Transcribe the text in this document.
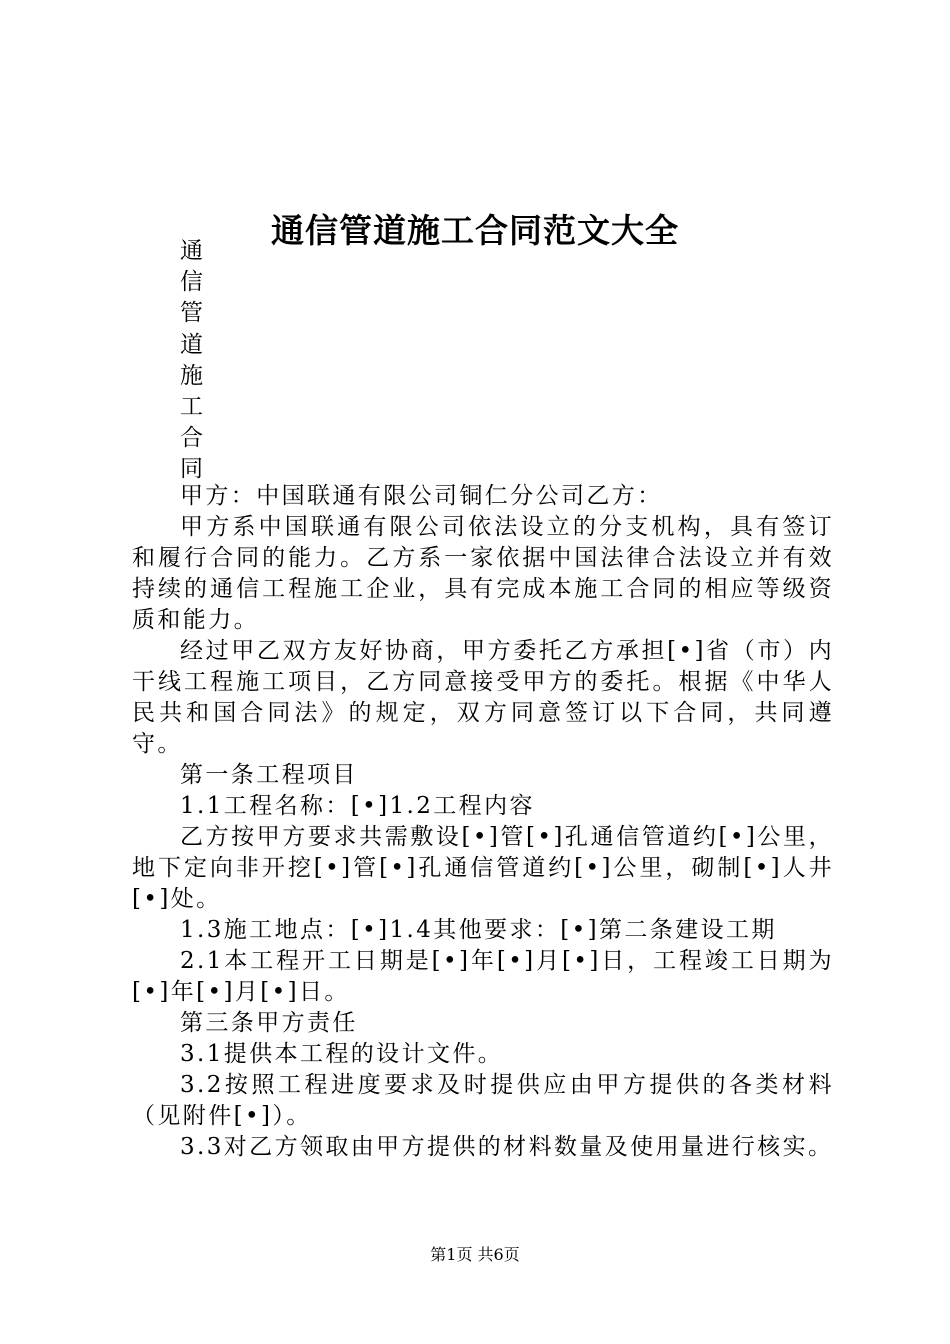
通信管道施工合同范文大全
通
信
管
道
施
工
合
同

甲方：中国联通有限公司铜仁分公司乙方：

甲方系中国联通有限公司依法设立的分支机构，具有签订和履行合同的能力。乙方系一家依据中国法律合法设立并有效持续的通信工程施工企业，具有完成本施工合同的相应等级资质和能力。

经过甲乙双方友好协商，甲方委托乙方承担[•]省（市）内干线工程施工项目，乙方同意接受甲方的委托。根据《中华人民共和国合同法》的规定，双方同意签订以下合同，共同遵守。

第一条工程项目

1.1工程名称：[•]1.2工程内容

乙方按甲方要求共需敷设[•]管[•]孔通信管道约[•]公里，地下定向非开挖[•]管[•]孔通信管道约[•]公里，砌制[•]人井[•]处。

1.3施工地点：[•]1.4其他要求：[•]第二条建设工期

2.1本工程开工日期是[•]年[•]月[•]日，工程竣工日期为[•]年[•]月[•]日。

第三条甲方责任

3.1提供本工程的设计文件。

3.2按照工程进度要求及时提供应由甲方提供的各类材料（见附件[•]）。

3.3对乙方领取由甲方提供的材料数量及使用量进行核实。

第1页 共6页
